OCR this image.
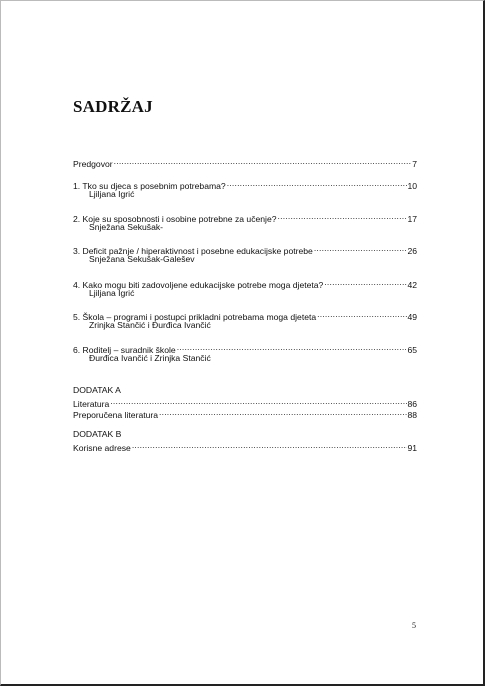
SADRŽAJ
Predgovor .....	7
1. Tko su djeca s posebnim potrebama? .....	10
Ljiljana Igrić
2. Koje su sposobnosti i osobine potrebne za učenje? .....	17
Snježana Sekušak-
3. Deficit pažnje / hiperaktivnost i posebne edukacijske potrebe .....	26
Snježana Sekušak-Galešev
4. Kako mogu biti zadovoljene edukacijske potrebe moga djeteta? .....	42
Ljiljana Igrić
5. Škola – programi i postupci prikladni potrebama moga djeteta .....	49
Zrinjka Stančić i Đurđica Ivančić
6. Roditelj – suradnik škole .....	65
Đurđica Ivančić i Zrinjka Stančić
DODATAK A
Literatura .....	86
Preporučena literatura .....	88
DODATAK B
Korisne adrese .....	91
5
